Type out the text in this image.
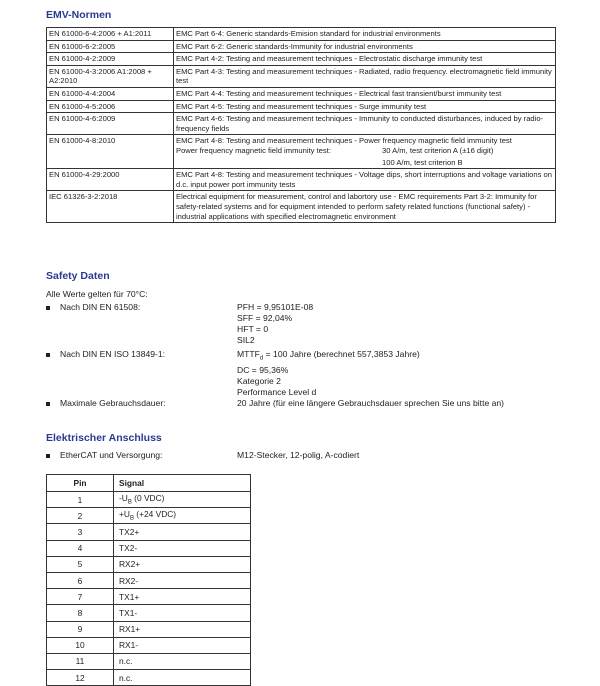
EMV-Normen
EN 61000-6-4:2006 + A1:2011	EMC Part 6-4: Generic standards-Emision standard for industrial environments
EN 61000-6-2:2005	EMC Part 6-2: Generic standards-Immunity for industrial environments
EN 61000-4-2:2009	EMC Part 4-2: Testing and measurement techniques - Electrostatic discharge immunity test
EN 61000-4-3:2006 A1:2008 + A2:2010	EMC Part 4-3: Testing and measurement techniques - Radiated, radio frequency. electromagnetic field immunity test
EN 61000-4-4:2004	EMC Part 4-4: Testing and measurement techniques - Electrical fast transient/burst immunity test
EN 61000-4-5:2006	EMC Part 4-5: Testing and measurement techniques - Surge immunity test
EN 61000-4-6:2009	EMC Part 4-6: Testing and measurement techniques - Immunity to conducted disturbances, induced by radio-frequency fields
EN 61000-4-8:2010	EMC Part 4-8: Testing and measurement techniques - Power frequency magnetic field immunity test
Power frequency magnetic field immunity test: 30 A/m, test criterion A (±16 digit)
100 A/m, test criterion B

EN 61000-4-29:2000	EMC Part 4-8: Testing and measurement techniques - Voltage dips, short interruptions and voltage variations on d.c. input power port immunity tests
IEC 61326-3-2:2018	Electrical equipment for measurement, control and labortory use - EMC requirements Part 3-2: Immunity for safety-related systems and for equipment intended to perform safety related functions (functional safety) - industrial applications with specified electromagnetic environment
Safety Daten
Alle Werte gelten für 70°C:
Nach DIN EN 61508:	PFH = 9,95101E-08
SFF = 92,04%
HFT = 0
SIL2
Nach DIN EN ISO 13849-1:	$MTTF_d = 100$ Jahre (berechnet 557,3853 Jahre)
DC = 95,36%
Kategorie 2
Performance Level d
Maximale Gebrauchsdauer:	20 Jahre (für eine längere Gebrauchsdauer sprechen Sie uns bitte an)
Elektrischer Anschluss
EtherCAT und Versorgung:	M12-Stecker, 12-polig, A-codiert
Pin	Signal
1	$-U_B$ (0 VDC)
2	$+U_B$ (+24 VDC)
3	TX2+
4	TX2-
5	RX2+
6	RX2-
7	TX1+
8	TX1-
9	RX1+
10	RX1-
11	n.c.
12	n.c.
